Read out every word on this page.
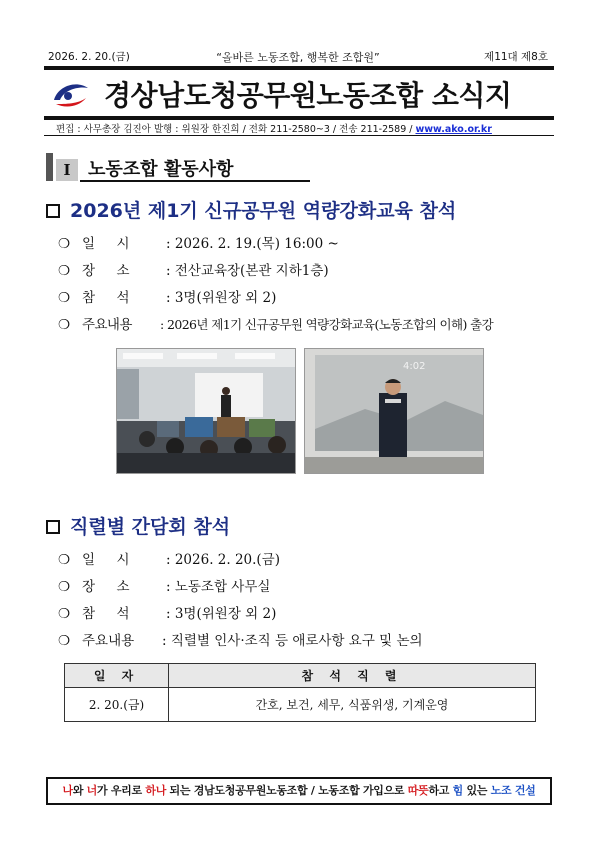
2026. 2. 20.(금)	“올바른 노동조합, 행복한 조합원”	제11대 제8호
경상남도청공무원노동조합 소식지
편집 : 사무총장 김진아 발행 : 위원장 한진희 / 전화 211-2580~3 / 전송 211-2589 / www.ako.or.kr
I 노동조합 활동사항
2026년 제1기 신규공무원 역량강화교육 참석
❍ 일     시	: 2026. 2. 19.(목) 16:00 ~
❍ 장     소	: 전산교육장(본관 지하1층)
❍ 참     석	: 3명(위원장 외 2)
❍ 주요내용 : 2026년 제1기 신규공무원 역량강화교육(노동조합의 이해) 출강
4:02
직렬별 간담회 참석
❍ 일     시	: 2026. 2. 20.(금)
❍ 장     소	: 노동조합 사무실
❍ 참     석	: 3명(위원장 외 2)
❍ 주요내용 : 직렬별 인사·조직 등 애로사항 요구 및 논의
일 자	참 석 직 렬
2. 20.(금)	간호, 보건, 세무, 식품위생, 기계운영
나와 너가 우리로 하나 되는 경남도청공무원노동조합 / 노동조합 가입으로 따뜻하고 힘 있는 노조 건설
